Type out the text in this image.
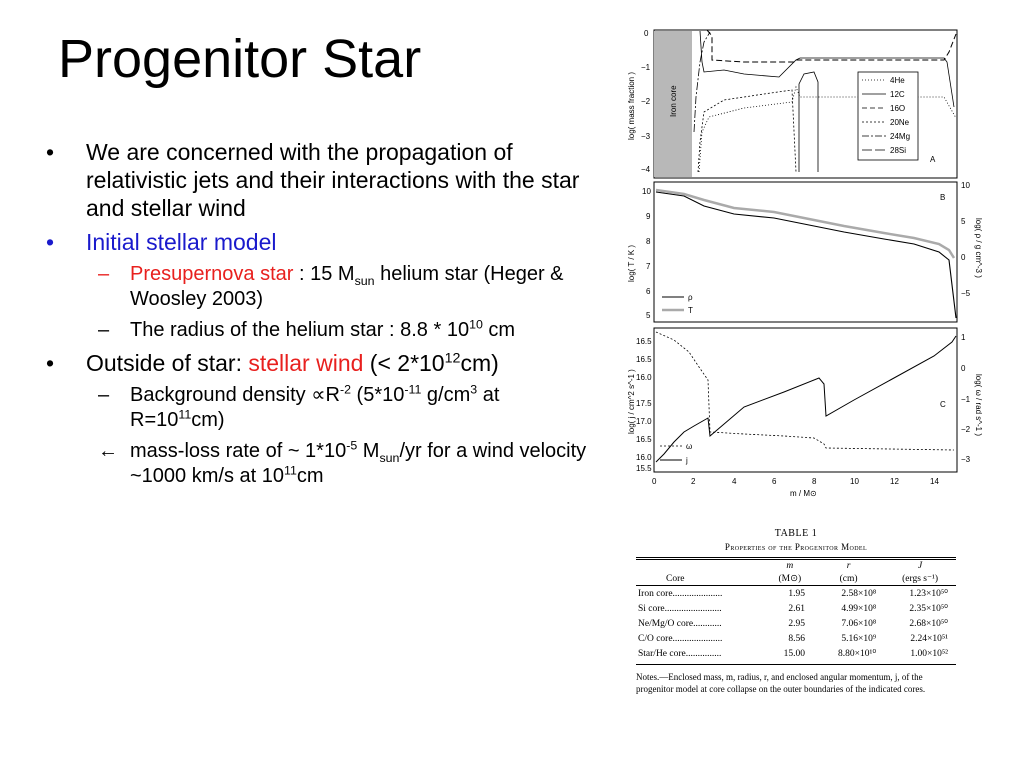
Progenitor Star
• We are concerned with the propagation of relativistic jets and their interactions with the star and stellar wind
• Initial stellar model
– Presupernova star : 15 $M_{sun}$ helium star (Heger & Woosley 2003)
– The radius of the helium star : $8.8 * 10^{10}$ cm
• Outside of star: stellar wind (< $2*10^{12}cm$)
– Background density $\propto R^{-2}$ ($5*10^{-11}$ $g/cm^3$ at $R=10^{11}cm$)
← mass-loss rate of ~ $1*10^{-5}$ $M_{sun}/yr$ for a wind velocity ~1000 km/s at $10^{11}cm$
Iron core
log( mass fraction )
0
−1
−2
−3
−4
A
4He
12C
16O
20Ne
24Mg
28Si
log( T / K )	log( ρ / g cm^-3 )
10
9
8
7
6
5
10
5
0
−5
B
ρ
T
log( j / cm^2 s^-1 )	log( ω / rad s^-1 )
16.5
16.5
16.0
17.5
17.0
16.5
16.0
15.5
1
0
−1
−2
−3
C
ω
j
0	2	4	6	8	10	12	14
m / M⊙
TABLE 1
Properties of the Progenitor Model
	m	r	J
Core	(M⊙)	(cm)	(ergs s⁻¹)
Iron core.....................	1.95	2.58×10⁸	1.23×10⁵⁰
Si core........................	2.61	4.99×10⁸	2.35×10⁵⁰
Ne/Mg/O core............	2.95	7.06×10⁸	2.68×10⁵⁰
C/O core.....................	8.56	5.16×10⁹	2.24×10⁵¹
Star/He core...............	15.00	8.80×10¹⁰	1.00×10⁵²
Notes.—Enclosed mass, m, radius, r, and enclosed angular momentum, j, of the progenitor model at core collapse on the outer boundaries of the indicated cores.
